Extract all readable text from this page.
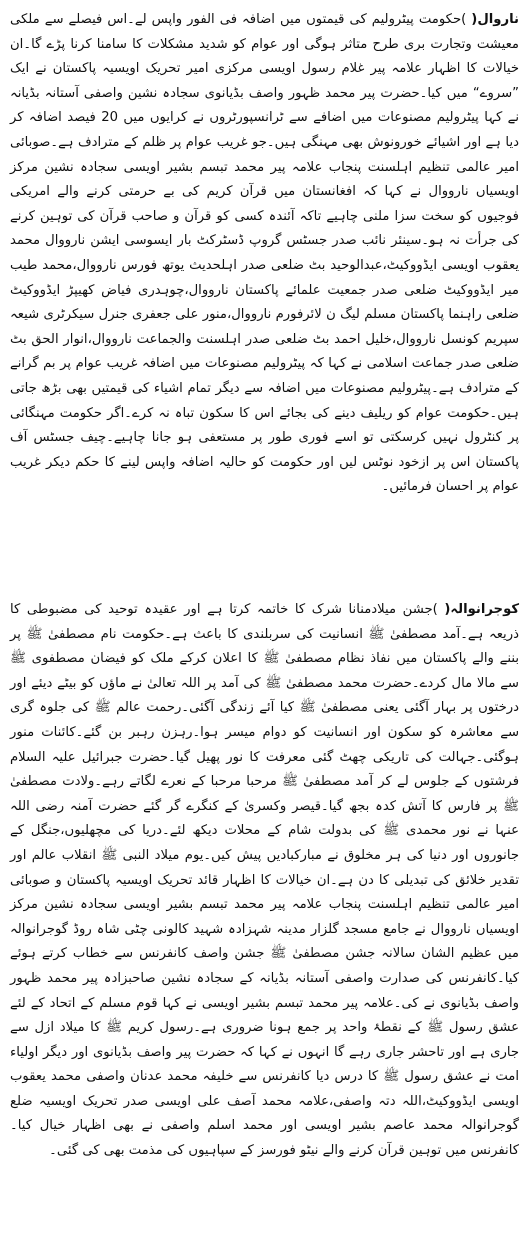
ناروال( )حکومت پیٹرولیم کی قیمتوں میں اضافہ فی الفور واپس لے۔اس فیصلے سے ملکی معیشت وتجارت بری طرح متاثر ہوگی اور عوام کو شدید مشکلات کا سامنا کرنا پڑے گا۔ان خیالات کا اظہار علامہ پیر غلام رسول اویسی مرکزی امیر تحریک اویسیہ پاکستان نے ایک ”سروے“ میں کیا۔حضرت پیر محمد ظہور واصف بڈیانوی سجادہ نشین واصفی آستانہ بڈیانہ نے کہا پیٹرولیم مصنوعات میں اضافے سے ٹرانسپورٹروں نے کرایوں میں 20 فیصد اضافہ کر دیا ہے اور اشیائے خورونوش بھی مہنگی ہیں۔جو غریب عوام پر ظلم کے مترادف ہے۔صوبائی امیر عالمی تنظیم اہلسنت پنجاب علامہ پیر محمد تبسم بشیر اویسی سجادہ نشین مرکز اویسیاں نارووال نے کہا کہ افغانستان میں قرآن کریم کی بے حرمتی کرنے والے امریکی فوجیوں کو سخت سزا ملنی چاہیے تاکہ آئندہ کسی کو قرآن و صاحب قرآن کی توہین کرنے کی جرأت نہ ہو۔سینئر نائب صدر جسٹس گروپ ڈسٹرکٹ بار ایسوسی ایشن نارووال محمد یعقوب اویسی ایڈووکیٹ،عبدالوحید بٹ ضلعی صدر اہلحدیث یوتھ فورس نارووال،محمد طیب میر ایڈووکیٹ ضلعی صدر جمعیت علمائے پاکستان نارووال،چوہدری فیاض کھیپڑ ایڈووکیٹ ضلعی راہنما پاکستان مسلم لیگ ن لائرفورم نارووال،منور علی جعفری جنرل سیکرٹری شیعہ سپریم کونسل نارووال،خلیل احمد بٹ ضلعی صدر اہلسنت والجماعت نارووال،انوار الحق بٹ ضلعی صدر جماعت اسلامی نے کہا کہ پیٹرولیم مصنوعات میں اضافہ غریب عوام پر بم گرانے کے مترادف ہے۔پیٹرولیم مصنوعات میں اضافہ سے دیگر تمام اشیاء کی قیمتیں بھی بڑھ جاتی ہیں۔حکومت عوام کو ریلیف دینے کی بجائے اس کا سکون تباہ نہ کرے۔اگر حکومت مہنگائی پر کنٹرول نہیں کرسکتی تو اسے فوری طور پر مستعفی ہو جانا چاہیے۔چیف جسٹس آف پاکستان اس پر ازخود نوٹس لیں اور حکومت کو حالیہ اضافہ واپس لینے کا حکم دیکر غریب عوام پر احسان فرمائیں۔
کوجرانوالہ( )جشن میلادمنانا شرک کا خاتمہ کرتا ہے اور عقیدہ توحید کی مضبوطی کا ذریعہ ہے۔آمد مصطفیٰ ﷺ انسانیت کی سربلندی کا باعث ہے۔حکومت نام مصطفیٰ ﷺ پر بننے والے پاکستان میں نفاذ نظام مصطفیٰ ﷺ کا اعلان کرکے ملک کو فیضان مصطفوی ﷺ سے مالا مال کردے۔حضرت محمد مصطفیٰ ﷺ کی آمد پر اللہ تعالیٰ نے ماؤں کو بیٹے دیئے اور درختوں پر بہار آگئی یعنی مصطفیٰ ﷺ کیا آئے زندگی آگئی۔رحمت عالم ﷺ کی جلوہ گری سے معاشرہ کو سکون اور انسانیت کو دوام میسر ہوا۔رہزن رہبر بن گئے۔کائنات منور ہوگئی۔جہالت کی تاریکی چھٹ گئی معرفت کا نور پھیل گیا۔حضرت جبرائیل علیہ السلام فرشتوں کے جلوس لے کر آمد مصطفیٰ ﷺ مرحبا مرحبا کے نعرے لگاتے رہے۔ولادت مصطفیٰ ﷺ پر فارس کا آتش کدہ بجھ گیا۔قیصر وکسریٰ کے کنگرے گر گئے حضرت آمنہ رضی اللہ عنہا نے نور محمدی ﷺ کی بدولت شام کے محلات دیکھ لئے۔دریا کی مچھلیوں،جنگل کے جانوروں اور دنیا کی ہر مخلوق نے مبارکبادیں پیش کیں۔یوم میلاد النبی ﷺ انقلاب عالم اور تقدیر خلائق کی تبدیلی کا دن ہے۔ان خیالات کا اظہار قائد تحریک اویسیہ پاکستان و صوبائی امیر عالمی تنظیم اہلسنت پنجاب علامہ پیر محمد تبسم بشیر اویسی سجادہ نشین مرکز اویسیاں نارووال نے جامع مسجد گلزار مدینہ شہزادہ شہید کالونی چٹی شاہ روڈ گوجرانوالہ میں عظیم الشان سالانہ جشن مصطفیٰ ﷺ جشن واصف کانفرنس سے خطاب کرتے ہوئے کیا۔کانفرنس کی صدارت واصفی آستانہ بڈیانہ کے سجادہ نشین صاحبزادہ پیر محمد ظہور واصف بڈیانوی نے کی۔علامہ پیر محمد تبسم بشیر اویسی نے کہا قوم مسلم کے اتحاد کے لئے عشق رسول ﷺ کے نقطۂ واحد پر جمع ہونا ضروری ہے۔رسول کریم ﷺ کا میلاد ازل سے جاری ہے اور تاحشر جاری رہے گا انہوں نے کہا کہ حضرت پیر واصف بڈیانوی اور دیگر اولیاء امت نے عشق رسول ﷺ کا درس دیا کانفرنس سے خلیفہ محمد عدنان واصفی محمد یعقوب اویسی ایڈووکیٹ،اللہ دتہ واصفی،علامہ محمد آصف علی اویسی صدر تحریک اویسیہ ضلع گوجرانوالہ محمد عاصم بشیر اویسی اور محمد اسلم واصفی نے بھی اظہار خیال کیا۔کانفرنس میں توہین قرآن کرنے والے نیٹو فورسز کے سپاہیوں کی مذمت بھی کی گئی۔
